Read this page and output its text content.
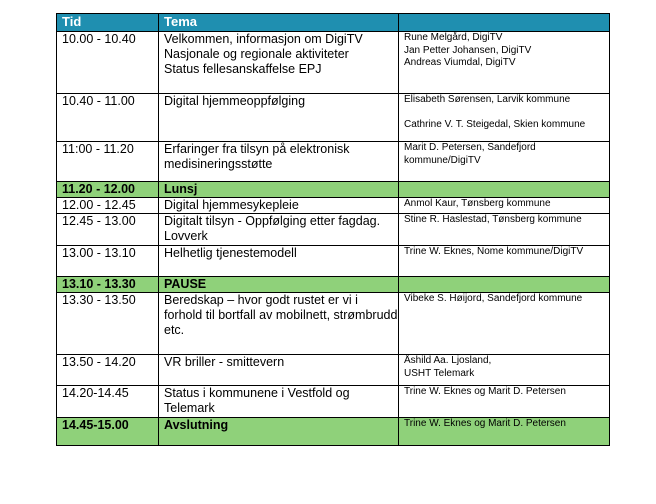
Tid	Tema	
10.00 - 10.40	Velkommen, informasjon om DigiTV
Nasjonale og regionale aktiviteter
Status fellesanskaffelse EPJ	Rune Melgård, DigiTV
Jan Petter Johansen, DigiTV
Andreas Viumdal, DigiTV

10.40 - 11.00	Digital hjemmeoppfølging	Elisabeth Sørensen, Larvik kommune
Cathrine V. T. Steigedal, Skien kommune

11:00 - 11.20	Erfaringer fra tilsyn på elektronisk medisineringsstøtte	Marit D. Petersen, Sandefjord kommune/DigiTV

11.20 - 12.00	Lunsj	

12.00 - 12.45	Digital hjemmesykepleie	Anmol Kaur, Tønsberg kommune

12.45 - 13.00	Digitalt tilsyn - Oppfølging etter fagdag. Lovverk	Stine R. Haslestad, Tønsberg kommune

13.00 - 13.10	Helhetlig tjenestemodell	Trine W. Eknes, Nome kommune/DigiTV

13.10 - 13.30	PAUSE	

13.30 - 13.50	Beredskap – hvor godt rustet er vi i forhold til bortfall av mobilnett, strømbrudd etc.	Vibeke S. Høijord, Sandefjord kommune

13.50 - 14.20	VR briller - smittevern	Åshild Aa. Ljosland,
USHT Telemark

14.20-14.45	Status i kommunene i Vestfold og Telemark	Trine W. Eknes og Marit D. Petersen

14.45-15.00	Avslutning	Trine W. Eknes og Marit D. Petersen
